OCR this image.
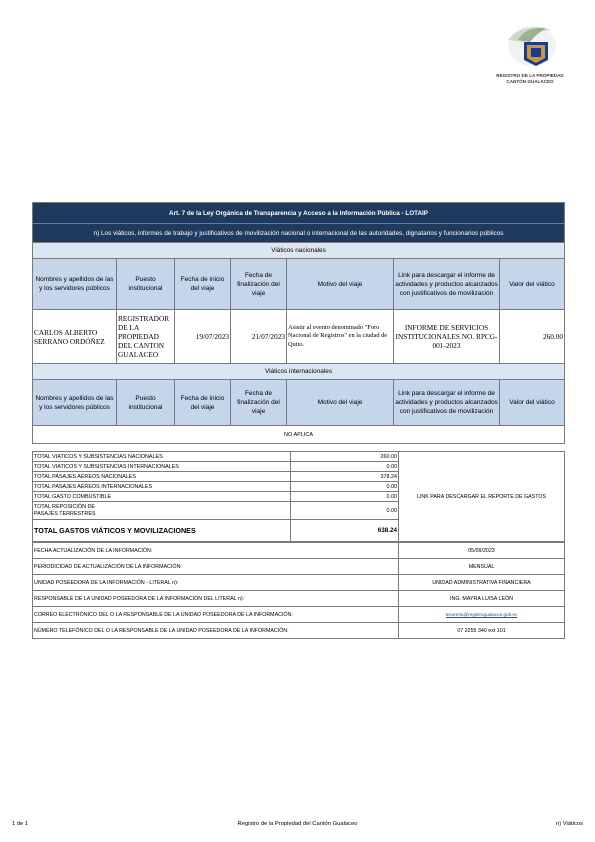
REGISTRO DE LA PROPIEDAD
CANTÓN GUALACEO
Art. 7 de la Ley Orgánica de Transparencia y Acceso a la Información Pública - LOTAIP						
n) Los viáticos, informes de trabajo y justificativos de movilización nacional o internacional de las autoridades, dignatarios y funcionarios públicos						
Viáticos nacionales						
Nombres y apellidos de las y los servidores públicos	Puesto institucional	Fecha de inicio del viaje	Fecha de finalización del viaje	Motivo del viaje	Link para descargar el informe de actividades y productos alcanzados con justificativos de movilización	Valor del viático
CARLOS ALBERTO SERRANO ORDÓÑEZ	REGISTRADOR DE LA PROPIEDAD DEL CANTON GUALACEO	19/07/2023	21/07/2023	Asistir al evento denominado "Foro Nacional de Registros" en la ciudad de Quito.	INFORME DE SERVICIOS INSTITUCIONALES NO. RPCG-001-2023	260.00
Viáticos internacionales						
Nombres y apellidos de las y los servidores públicos	Puesto institucional	Fecha de inicio del viaje	Fecha de finalización del viaje	Motivo del viaje	Link para descargar el informe de actividades y productos alcanzados con justificativos de movilización	Valor del viático
NO APLICA						
TOTAL VIATICOS Y SUBSISTENCIAS NACIONALES	260.00	LINK PARA DESCARGAR EL REPORTE DE GASTOS
TOTAL VIATICOS Y SUBSISTENCIAS INTERNACIONALES	0.00	
TOTAL PASAJES AÉREOS NACIONALES	378.24	
TOTAL PASAJES AÉREOS INTERNACIONALES	0.00	
TOTAL GASTO COMBUSTIBLE	0.00	
TOTAL REPOSICIÓN DE PASAJES TERRESTRES	0.00	
TOTAL GASTOS VIÁTICOS Y MOVILIZACIONES	638.24	
FECHA ACTUALIZACIÓN DE LA INFORMACIÓN:	05/09/2023
PERIODICIDAD DE ACTUALIZACIÓN DE LA INFORMACIÓN:	MENSUAL
UNIDAD POSEEDORA DE LA INFORMACIÓN - LITERAL n):	UNIDAD ADMINISTRATIVA FINANCIERA
RESPONSABLE DE LA UNIDAD POSEEDORA DE LA INFORMACIÓN DEL LITERAL n):	ING. MAYRA LUISA LEÓN
CORREO ELECTRÓNICO DEL O LA RESPONSABLE DE LA UNIDAD POSEEDORA DE LA INFORMACIÓN:	tesoreria@registrogualaceo.gob.ec
NÚMERO TELEFÓNICO DEL O LA RESPONSABLE DE LA UNIDAD POSEEDORA DE LA INFORMACIÓN:	07 2255 340 ext 101
1 de 1	Registro de la Propiedad del Cantón Gualaceo	n) Viáticos
